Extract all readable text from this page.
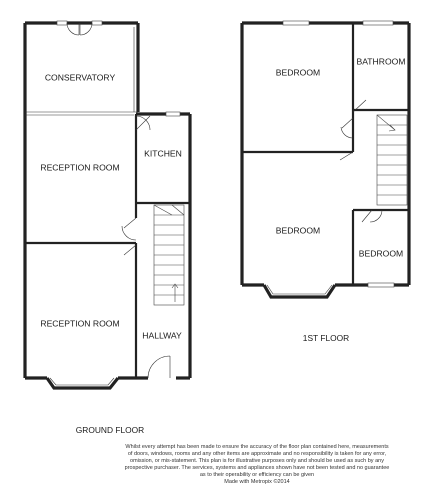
CONSERVATORY
RECEPTION ROOM
KITCHEN
RECEPTION ROOM
HALLWAY
GROUND FLOOR
BEDROOM
BATHROOM
BEDROOM
BEDROOM
1ST FLOOR
Whilst every attempt has been made to ensure the accuracy of the floor plan contained here, measurements
of doors, windows, rooms and any other items are approximate and no responsibility is taken for any error,
omission, or mis-statement. This plan is for illustrative purposes only and should be used as such by any
prospective purchaser. The services, systems and appliances shown have not been tested and no guarantee
as to their operability or efficiency can be given
Made with Metropix ©2014
